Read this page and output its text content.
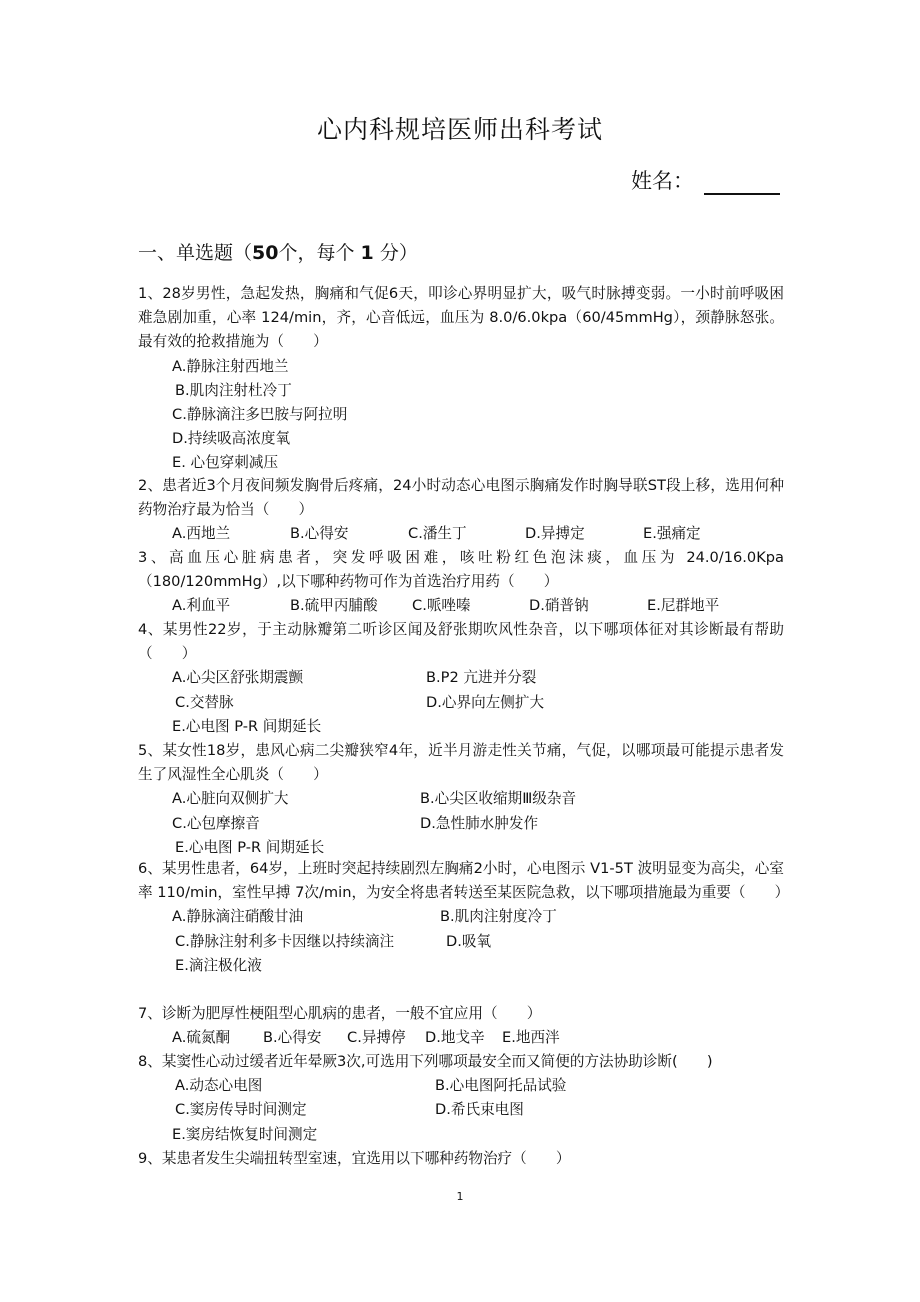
心内科规培医师出科考试
姓名：
一、单选题（50个，每个 1 分）
1、28岁男性，急起发热，胸痛和气促6天，叩诊心界明显扩大，吸气时脉搏变弱。一小时前呼吸困难急剧加重，心率 124/min，齐，心音低远，血压为 8.0/6.0kpa（60/45mmHg），颈静脉怒张。最有效的抢救措施为（　　）
A.静脉注射西地兰
B.肌肉注射杜冷丁
C.静脉滴注多巴胺与阿拉明
D.持续吸高浓度氧
E. 心包穿刺减压
2、患者近3个月夜间频发胸骨后疼痛，24小时动态心电图示胸痛发作时胸导联ST段上移，选用何种药物治疗最为恰当（　　）
A.西地兰	B.心得安	C.潘生丁	D.异搏定	E.强痛定
3、高血压心脏病患者，突发呼吸困难，咳吐粉红色泡沫痰，血压为 24.0/16.0Kpa（180/120mmHg）,以下哪种药物可作为首选治疗用药（　　）
A.利血平	B.硫甲丙脯酸	C.哌唑嗪	D.硝普钠	E.尼群地平
4、某男性22岁，于主动脉瓣第二听诊区闻及舒张期吹风性杂音，以下哪项体征对其诊断最有帮助（　　）
A.心尖区舒张期震颤	B.P2 亢进并分裂
C.交替脉	D.心界向左侧扩大
E.心电图 P-R 间期延长
5、某女性18岁，患风心病二尖瓣狭窄4年，近半月游走性关节痛，气促，以哪项最可能提示患者发生了风湿性全心肌炎（　　）
A.心脏向双侧扩大	B.心尖区收缩期Ⅲ级杂音
C.心包摩擦音	D.急性肺水肿发作
E.心电图 P-R 间期延长
6、某男性患者，64岁，上班时突起持续剧烈左胸痛2小时，心电图示 V1-5T 波明显变为高尖，心室率 110/min，室性早搏 7次/min，为安全将患者转送至某医院急救，以下哪项措施最为重要（　　）
A.静脉滴注硝酸甘油	B.肌肉注射度冷丁
C.静脉注射利多卡因继以持续滴注	D.吸氧
E.滴注极化液
7、诊断为肥厚性梗阻型心肌病的患者，一般不宜应用（　　）
A.硫氮酮	B.心得安	C.异搏停	D.地戈辛	E.地西泮
8、某窦性心动过缓者近年晕厥3次,可选用下列哪项最安全而又简便的方法协助诊断(　　)
A.动态心电图	B.心电图阿托品试验
C.窦房传导时间测定	D.希氏束电图
E.窦房结恢复时间测定
9、某患者发生尖端扭转型室速，宜选用以下哪种药物治疗（　　）
1
